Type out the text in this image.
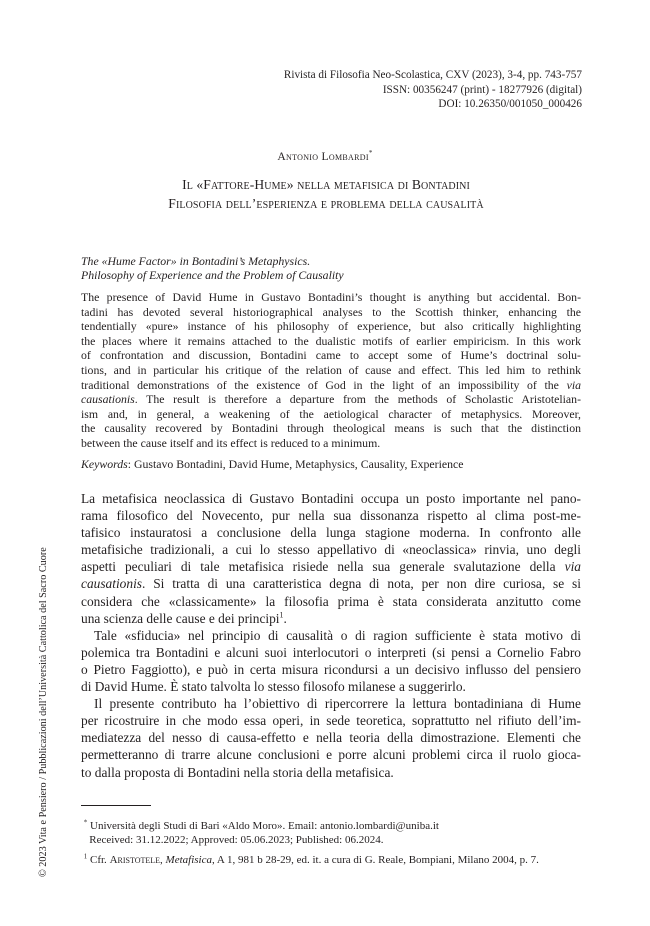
Rivista di Filosofia Neo-Scolastica, CXV (2023), 3-4, pp. 743-757
ISSN: 00356247 (print) - 18277926 (digital)
DOI: 10.26350/001050_000426
Antonio Lombardi*
Il «Fattore-Hume» nella metafisica di Bontadini
Filosofia dell’esperienza e problema della causalità
The «Hume Factor» in Bontadini’s Metaphysics.
Philosophy of Experience and the Problem of Causality
The presence of David Hume in Gustavo Bontadini’s thought is anything but accidental. Bon-
tadini has devoted several historiographical analyses to the Scottish thinker, enhancing the
tendentially «pure» instance of his philosophy of experience, but also critically highlighting
the places where it remains attached to the dualistic motifs of earlier empiricism. In this work
of confrontation and discussion, Bontadini came to accept some of Hume’s doctrinal solu-
tions, and in particular his critique of the relation of cause and effect. This led him to rethink
traditional demonstrations of the existence of God in the light of an impossibility of the via
causationis. The result is therefore a departure from the methods of Scholastic Aristotelian-
ism and, in general, a weakening of the aetiological character of metaphysics. Moreover,
the causality recovered by Bontadini through theological means is such that the distinction
between the cause itself and its effect is reduced to a minimum.
Keywords: Gustavo Bontadini, David Hume, Metaphysics, Causality, Experience
La metafisica neoclassica di Gustavo Bontadini occupa un posto importante nel pano-
rama filosofico del Novecento, pur nella sua dissonanza rispetto al clima post-me-
tafisico instauratosi a conclusione della lunga stagione moderna. In confronto alle
metafisiche tradizionali, a cui lo stesso appellativo di «neoclassica» rinvia, uno degli
aspetti peculiari di tale metafisica risiede nella sua generale svalutazione della via
causationis. Si tratta di una caratteristica degna di nota, per non dire curiosa, se si
considera che «classicamente» la filosofia prima è stata considerata anzitutto come
una scienza delle cause e dei principi$^1$.
Tale «sfiducia» nel principio di causalità o di ragion sufficiente è stata motivo di
polemica tra Bontadini e alcuni suoi interlocutori o interpreti (si pensi a Cornelio Fabro
o Pietro Faggiotto), e può in certa misura ricondursi a un decisivo influsso del pensiero
di David Hume. È stato talvolta lo stesso filosofo milanese a suggerirlo.
Il presente contributo ha l’obiettivo di ripercorrere la lettura bontadiniana di Hume
per ricostruire in che modo essa operi, in sede teoretica, soprattutto nel rifiuto dell’im-
mediatezza del nesso di causa-effetto e nella teoria della dimostrazione. Elementi che
permetteranno di trarre alcune conclusioni e porre alcuni problemi circa il ruolo gioca-
to dalla proposta di Bontadini nella storia della metafisica.
* Università degli Studi di Bari «Aldo Moro». Email: antonio.lombardi@uniba.it
Received: 31.12.2022; Approved: 05.06.2023; Published: 06.2024.
$^1$ Cfr. Aristotele, Metafisica, A 1, 981 b 28-29, ed. it. a cura di G. Reale, Bompiani, Milano 2004, p. 7.
© 2023 Vita e Pensiero / Pubblicazioni dell’Università Cattolica del Sacro Cuore
